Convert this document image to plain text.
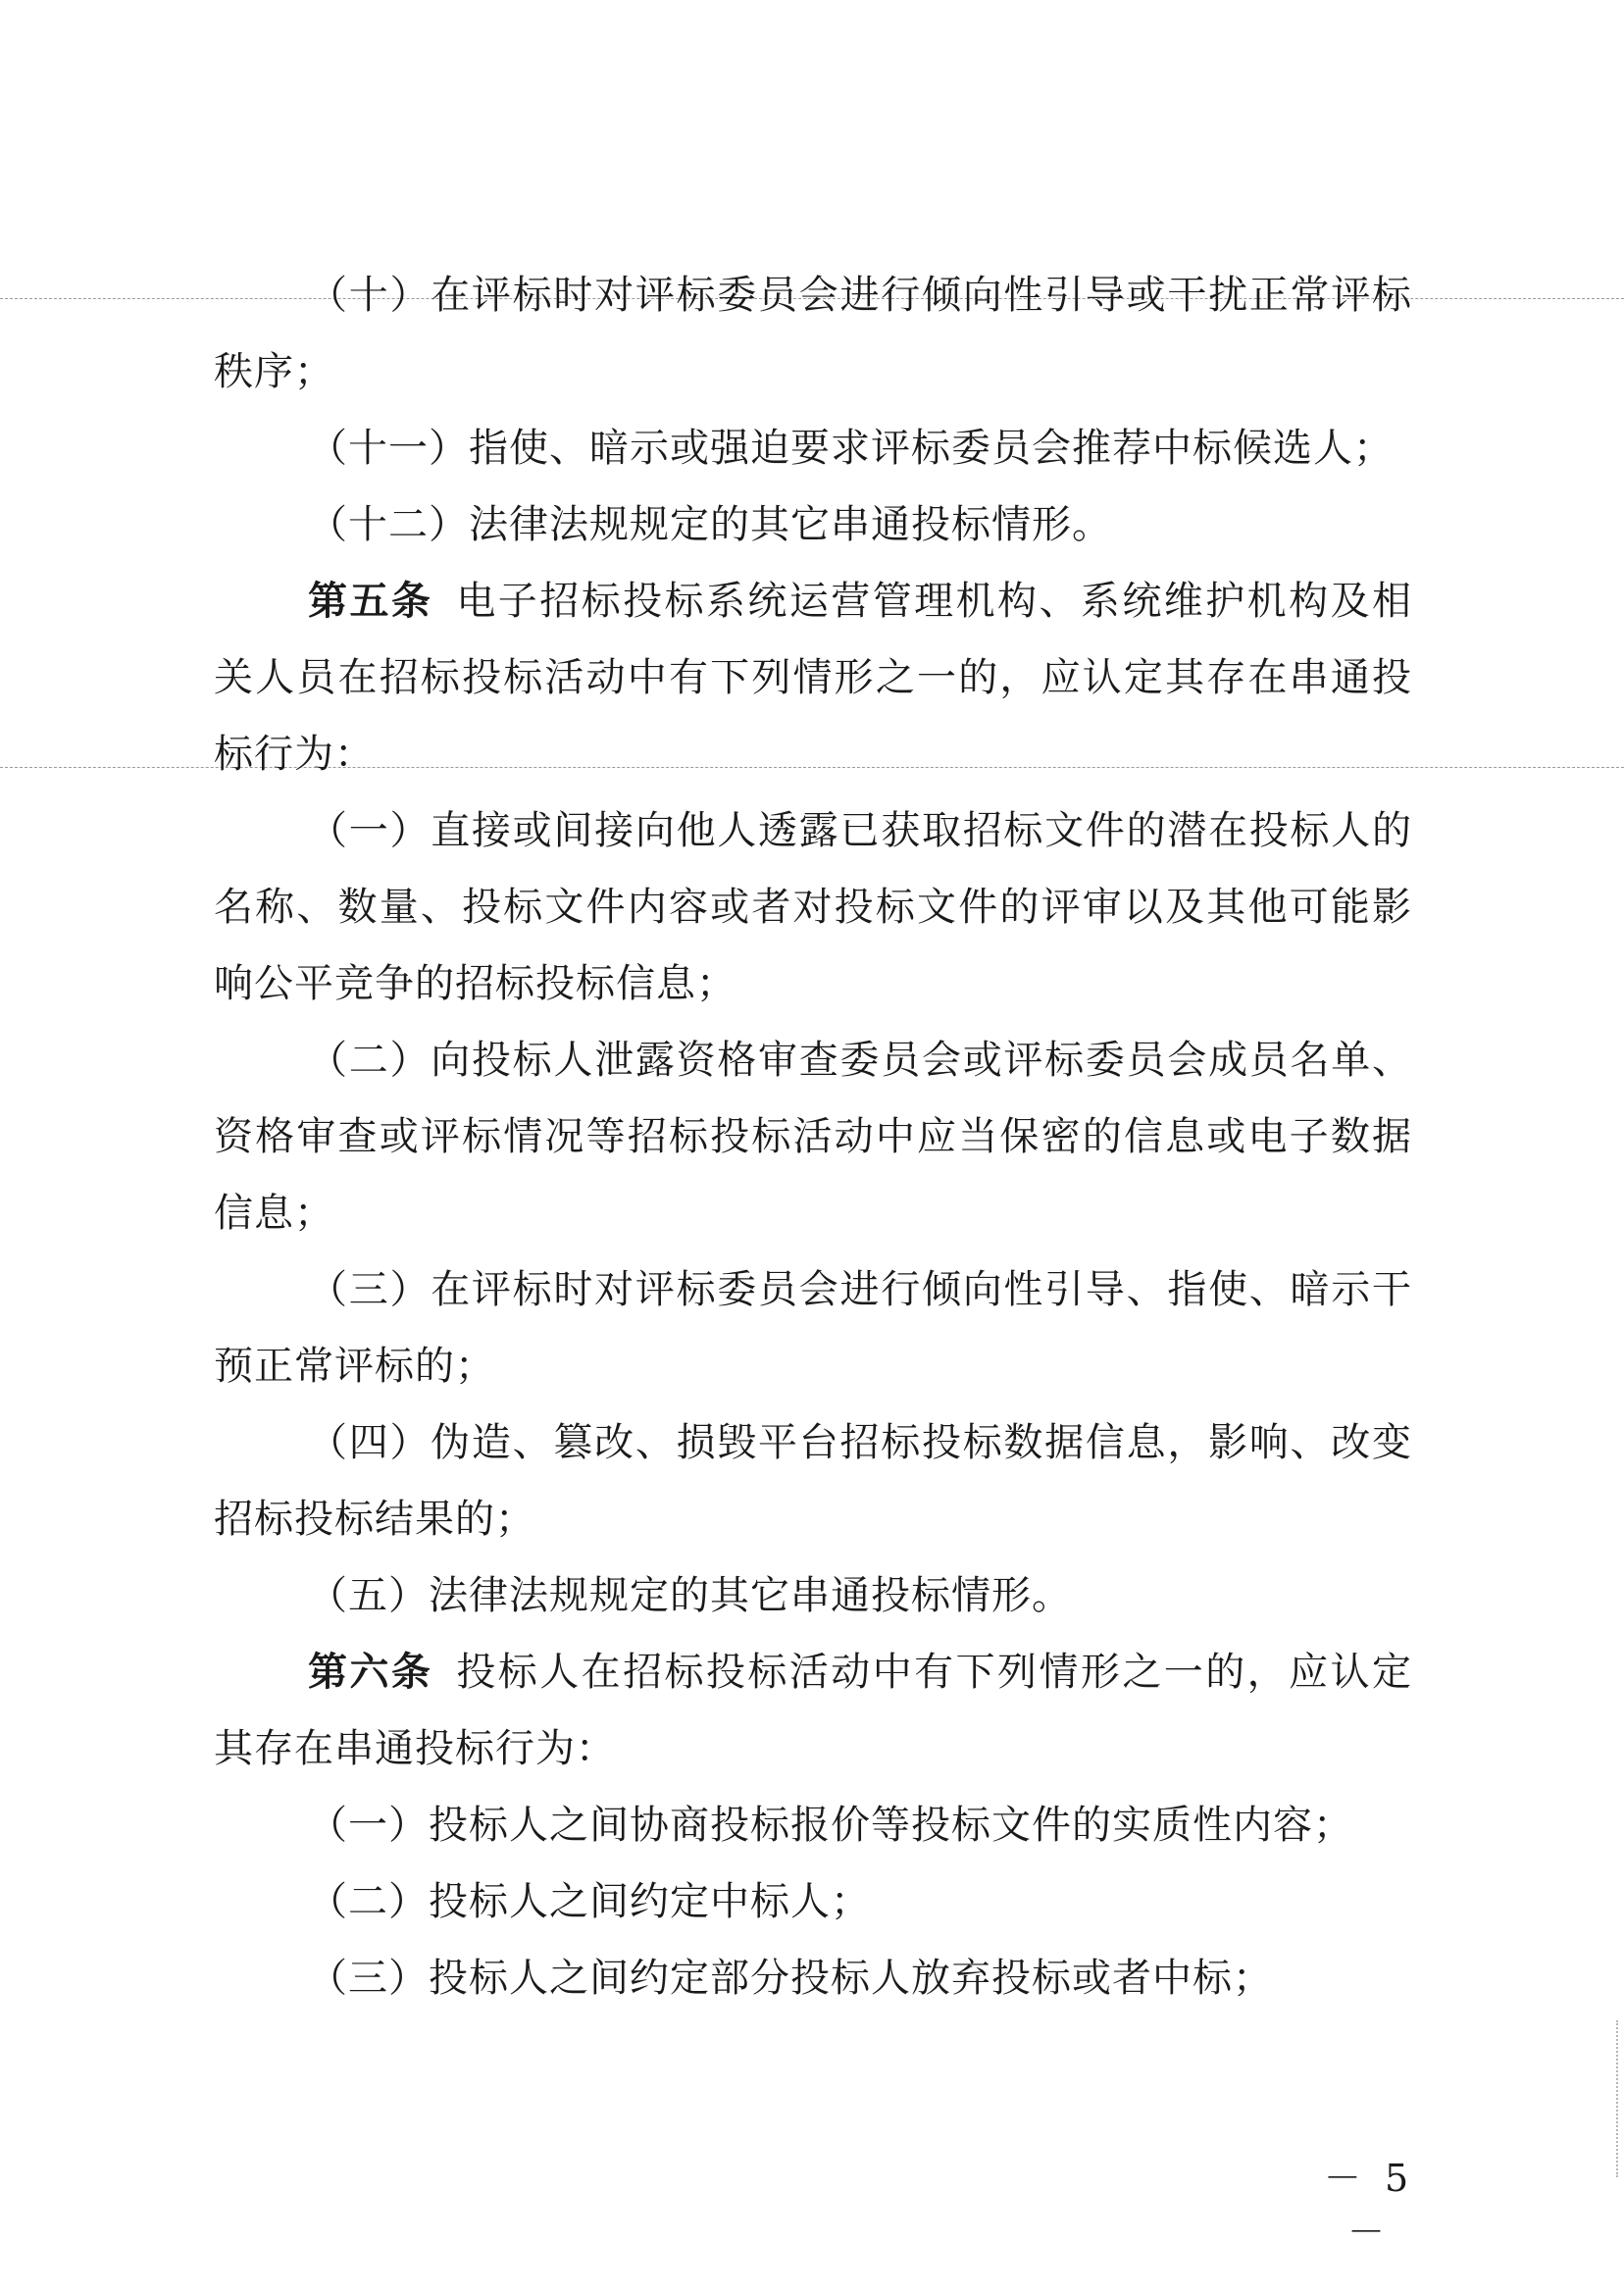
（十）在评标时对评标委员会进行倾向性引导或干扰正常评标秩序；

（十一）指使、暗示或强迫要求评标委员会推荐中标候选人；

（十二）法律法规规定的其它串通投标情形。

第五条 电子招标投标系统运营管理机构、系统维护机构及相关人员在招标投标活动中有下列情形之一的，应认定其存在串通投标行为：

（一）直接或间接向他人透露已获取招标文件的潜在投标人的名称、数量、投标文件内容或者对投标文件的评审以及其他可能影响公平竞争的招标投标信息；

（二）向投标人泄露资格审查委员会或评标委员会成员名单、资格审查或评标情况等招标投标活动中应当保密的信息或电子数据信息；

（三）在评标时对评标委员会进行倾向性引导、指使、暗示干预正常评标的；

（四）伪造、篡改、损毁平台招标投标数据信息，影响、改变招标投标结果的；

（五）法律法规规定的其它串通投标情形。

第六条 投标人在招标投标活动中有下列情形之一的，应认定其存在串通投标行为：

（一）投标人之间协商投标报价等投标文件的实质性内容；

（二）投标人之间约定中标人；

（三）投标人之间约定部分投标人放弃投标或者中标；

－ 5 －
